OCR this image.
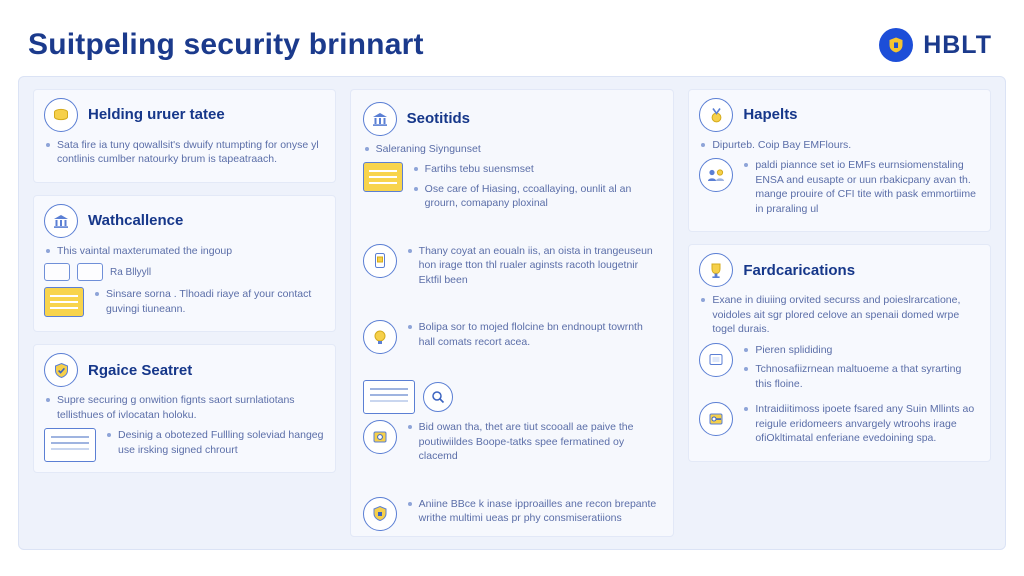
Suitpeling security brinnart	HBLT
Helding uruer tatee
Sata fire ia tuny qowallsit's dwuify ntumpting for onyse yl contlinis cumlber natourky brum is tapeatraach.
Wathcallence
This vaintal maxterumated the ingoup
Ra Bllyyll
Sinsare sorna . Tlhoadi riaye af your contact guvingi tiuneann.
Rgaice Seatret
Supre securing g onwition fignts saort surnlatiotans tellisthues of ivlocatan holoku.
Desinig a obotezed Fullling soleviad hangeg use irsking signed chrourt
Seotitids
Saleraning Siyngunset
Fartihs tebu suensmset
Ose care of Hiasing, ccoallaying, ounlit al an grourn, comapany ploxinal
Thany coyat an eoualn iis, an oista in trangeuseun hon irage tton thl rualer aginsts racoth lougetnir Ektfil been
Bolipa sor to mojed flolcine bn endnoupt towrnth hall comats recort acea.
Bid owan tha, thet are tiut scooall ae paive the poutiwiildes Boope-tatks spee fermatined oy clacemd
Aniine BBce k inase ipproailles ane recon brepante writhe multimi ueas pr phy consmiseratiions
Hapelts
Dipurteb. Coip Bay EMFlours.
paldi piannce set io EMFs eurnsiomenstaling ENSA and eusapte or uun rbakicpany avan th. mange prouire of CFI tite with pask emmortiime in praraling ul
Fardcarications
Exane in diuiing orvited securss and poieslrarcatione, voidoles ait sgr plored celove an spenaii domed wrpe togel durais.
Pieren splididing
Tchnosafiizrnean maltuoeme a that syrarting this floine.
Intraidiitimoss ipoete fsared any Suin Mllints ao reigule eridomeers anvargely wtroohs irage ofiOkltimatal enferiane evedoining spa.
